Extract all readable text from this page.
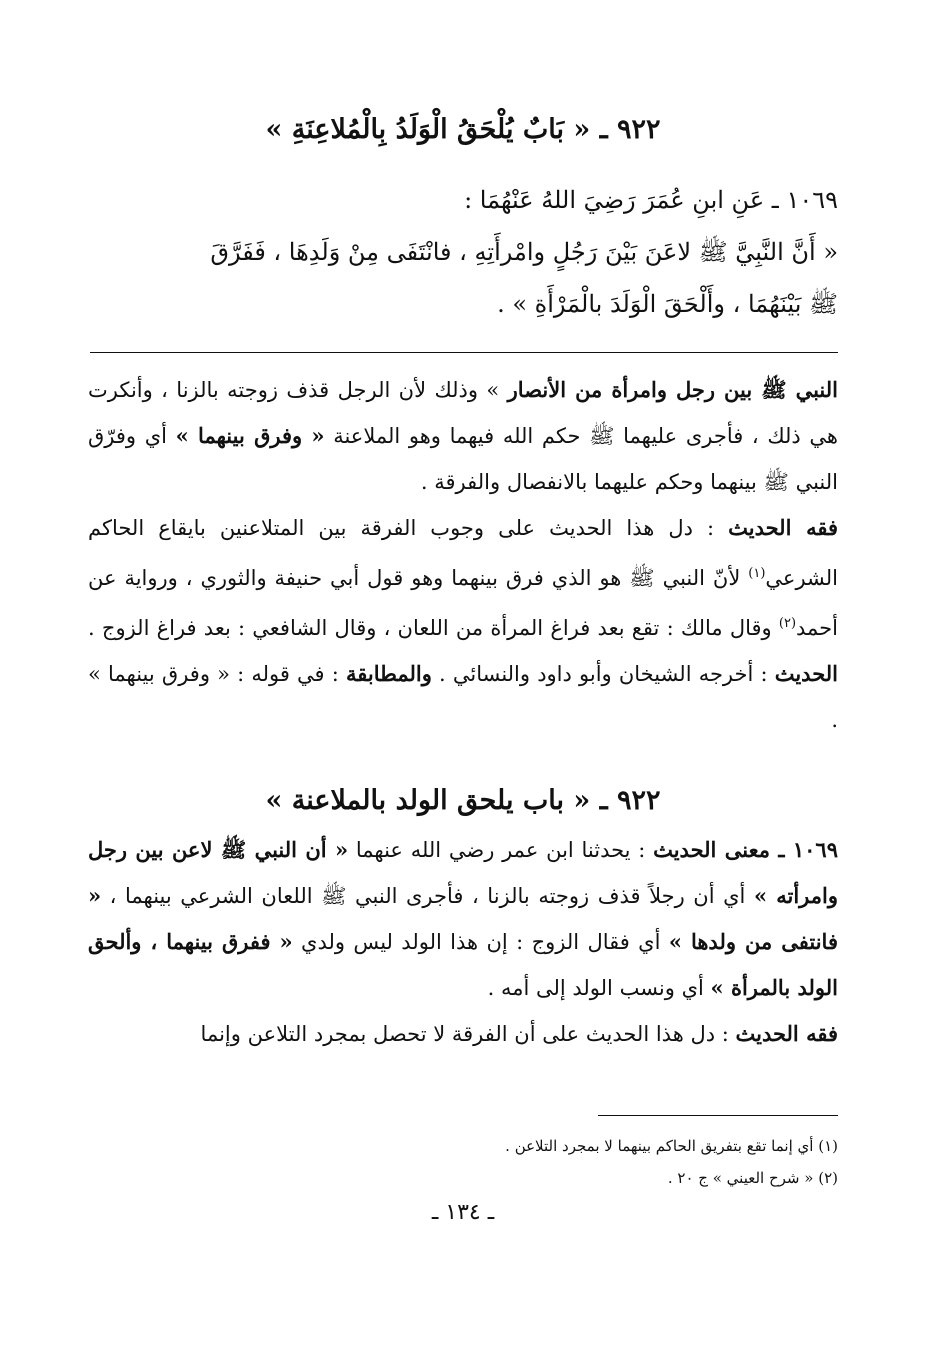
٩٢٢ ـ « بَابٌ يُلْحَقُ الْوَلَدُ بِالْمُلاعِنَةِ »

١٠٦٩ ـ عَنِ ابنِ عُمَرَ رَضِيَ اللهُ عَنْهُمَا :

« أَنَّ النَّبِيَّ ﷺ لاعَنَ بَيْنَ رَجُلٍ وامْرأَتِهِ ، فانْتَفَى مِنْ وَلَدِهَا ، فَفَرَّقَ

ﷺ بَيْنَهُمَا ، وأَلْحَقَ الْوَلَدَ بالْمَرْأَةِ » .

النبي ﷺ بين رجل وامرأة من الأنصار » وذلك لأن الرجل قذف زوجته بالزنا ، وأنكرت هي ذلك ، فأجرى عليهما ﷺ حكم الله فيهما وهو الملاعنة « وفرق بينهما » أي وفرّق النبي ﷺ بينهما وحكم عليهما بالانفصال والفرقة .

فقه الحديث : دل هذا الحديث على وجوب الفرقة بين المتلاعنين بايقاع الحاكم الشرعي$^{(١)}$ لأنّ النبي ﷺ هو الذي فرق بينهما وهو قول أبي حنيفة والثوري ، ورواية عن أحمد$^{(٢)}$ وقال مالك : تقع بعد فراغ المرأة من اللعان ، وقال الشافعي : بعد فراغ الزوج . الحديث : أخرجه الشيخان وأبو داود والنسائي . والمطابقة : في قوله : « وفرق بينهما » .

٩٢٢ ـ « باب يلحق الولد بالملاعنة »

١٠٦٩ ـ معنى الحديث : يحدثنا ابن عمر رضي الله عنهما « أن النبي ﷺ لاعن بين رجل وامرأته » أي أن رجلاً قذف زوجته بالزنا ، فأجرى النبي ﷺ اللعان الشرعي بينهما ، « فانتفى من ولدها » أي فقال الزوج : إن هذا الولد ليس ولدي « ففرق بينهما ، وألحق الولد بالمرأة » أي ونسب الولد إلى أمه .

فقه الحديث : دل هذا الحديث على أن الفرقة لا تحصل بمجرد التلاعن وإنما

(١) أي إنما تقع بتفريق الحاكم بينهما لا بمجرد التلاعن .

(٢) « شرح العيني » ج ٢٠ .

ـ ١٣٤ ـ
